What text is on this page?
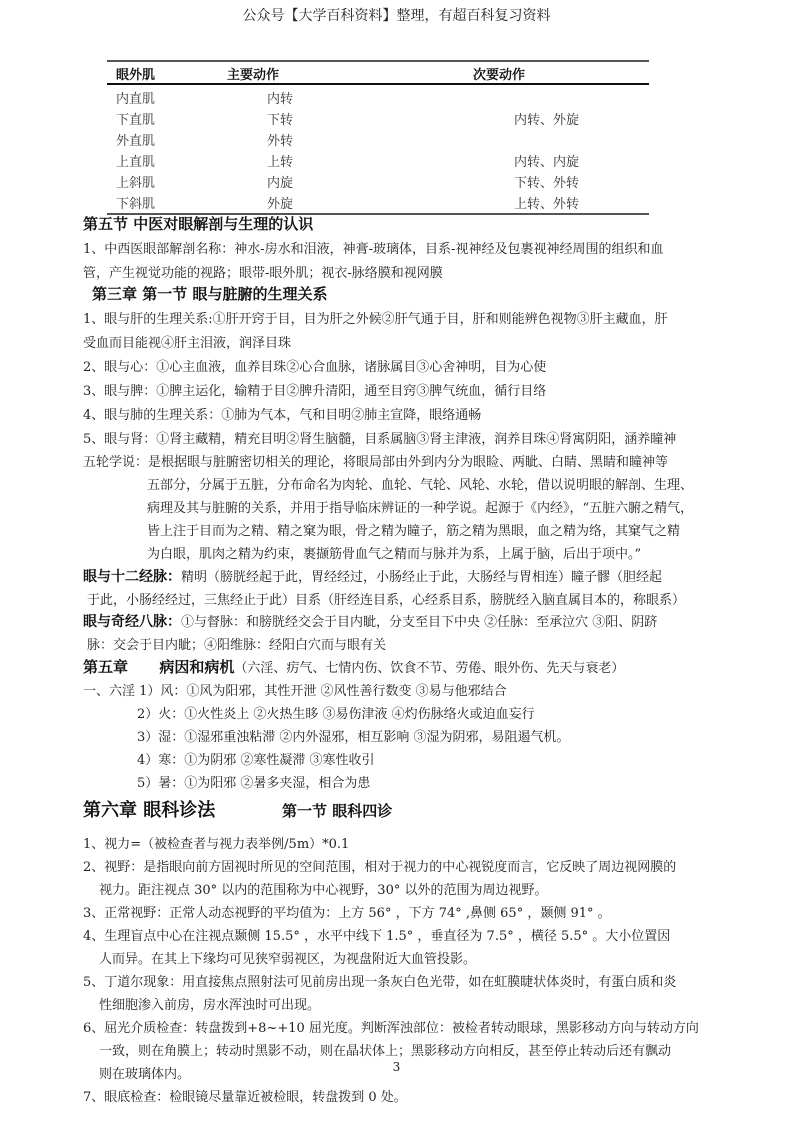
公众号【大学百科资料】整理，有超百科复习资料
眼外肌	主要动作	次要动作
内直肌	内转
下直肌	下转	内转、外旋
外直肌	外转
上直肌	上转	内转、内旋
上斜肌	内旋	下转、外转
下斜肌	外旋	上转、外转
第五节 中医对眼解剖与生理的认识
1、中西医眼部解剖名称：神水-房水和泪液，神膏-玻璃体，目系-视神经及包裹视神经周围的组织和血
管，产生视觉功能的视路；眼带-眼外肌；视衣-脉络膜和视网膜
第三章 第一节 眼与脏腑的生理关系
1、眼与肝的生理关系:①肝开窍于目，目为肝之外候②肝气通于目，肝和则能辨色视物③肝主藏血，肝
受血而目能视④肝主泪液，润泽目珠
2、眼与心：①心主血液，血养目珠②心合血脉，诸脉属目③心舍神明，目为心使
3、眼与脾：①脾主运化，输精于目②脾升清阳，通至目窍③脾气统血，循行目络
4、眼与肺的生理关系：①肺为气本，气和目明②肺主宣降，眼络通畅
5、眼与肾：①肾主藏精，精充目明②肾生脑髓，目系属脑③肾主津液，润养目珠④肾寓阴阳，涵养瞳神
五轮学说：是根据眼与脏腑密切相关的理论，将眼局部由外到内分为眼睑、两眦、白睛、黑睛和瞳神等
五部分，分属于五脏，分布命名为肉轮、血轮、气轮、风轮、水轮，借以说明眼的解剖、生理、
病理及其与脏腑的关系，并用于指导临床辨证的一种学说。起源于《内经》，“五脏六腑之精气，
皆上注于目而为之精、精之窠为眼，骨之精为瞳子，筋之精为黑眼，血之精为络，其窠气之精
为白眼，肌肉之精为约束，裹撷筋骨血气之精而与脉并为系，上属于脑，后出于项中。”
眼与十二经脉：精明（膀胱经起于此，胃经经过，小肠经止于此，大肠经与胃相连）瞳子髎（胆经起
于此，小肠经经过，三焦经止于此）目系（肝经连目系，心经系目系，膀胱经入脑直属目本的，称眼系）
眼与奇经八脉：①与督脉：和膀胱经交会于目内眦，分支至目下中央 ②任脉：至承泣穴 ③阳、阴跻
脉：交会于目内眦；④阳维脉：经阳白穴而与眼有关
第五章      病因和病机（六淫、疠气、七情内伤、饮食不节、劳倦、眼外伤、先天与衰老）
一、六淫 1）风：①风为阳邪，其性开泄 ②风性善行数变 ③易与他邪结合
2）火：①火性炎上 ②火热生眵 ③易伤津液 ④灼伤脉络火或迫血妄行
3）湿：①湿邪重浊粘滞 ②内外湿邪，相互影响 ③湿为阴邪，易阻遏气机。
4）寒：①为阴邪 ②寒性凝滞 ③寒性收引
5）暑：①为阳邪 ②暑多夹湿，相合为患
第六章 眼科诊法	第一节 眼科四诊
1、视力=（被检查者与视力表举例/5m）*0.1
2、视野：是指眼向前方固视时所见的空间范围，相对于视力的中心视锐度而言，它反映了周边视网膜的
视力。距注视点 30° 以内的范围称为中心视野，30° 以外的范围为周边视野。
3、正常视野：正常人动态视野的平均值为：上方 56° ，下方 74° ,鼻侧 65° ，颞侧 91° 。
4、生理盲点中心在注视点颞侧 15.5° ，水平中线下 1.5° ，垂直径为 7.5° ，横径 5.5° 。大小位置因
人而异。在其上下缘均可见狭窄弱视区，为视盘附近大血管投影。
5、丁道尔现象：用直接焦点照射法可见前房出现一条灰白色光带，如在虹膜睫状体炎时，有蛋白质和炎
性细胞渗入前房，房水浑浊时可出现。
6、屈光介质检查：转盘拨到+8~+10 屈光度。判断浑浊部位：被检者转动眼球，黑影移动方向与转动方向
一致，则在角膜上；转动时黑影不动，则在晶状体上；黑影移动方向相反，甚至停止转动后还有飘动
则在玻璃体内。
7、眼底检查：检眼镜尽量靠近被检眼，转盘拨到 0 处。
3
